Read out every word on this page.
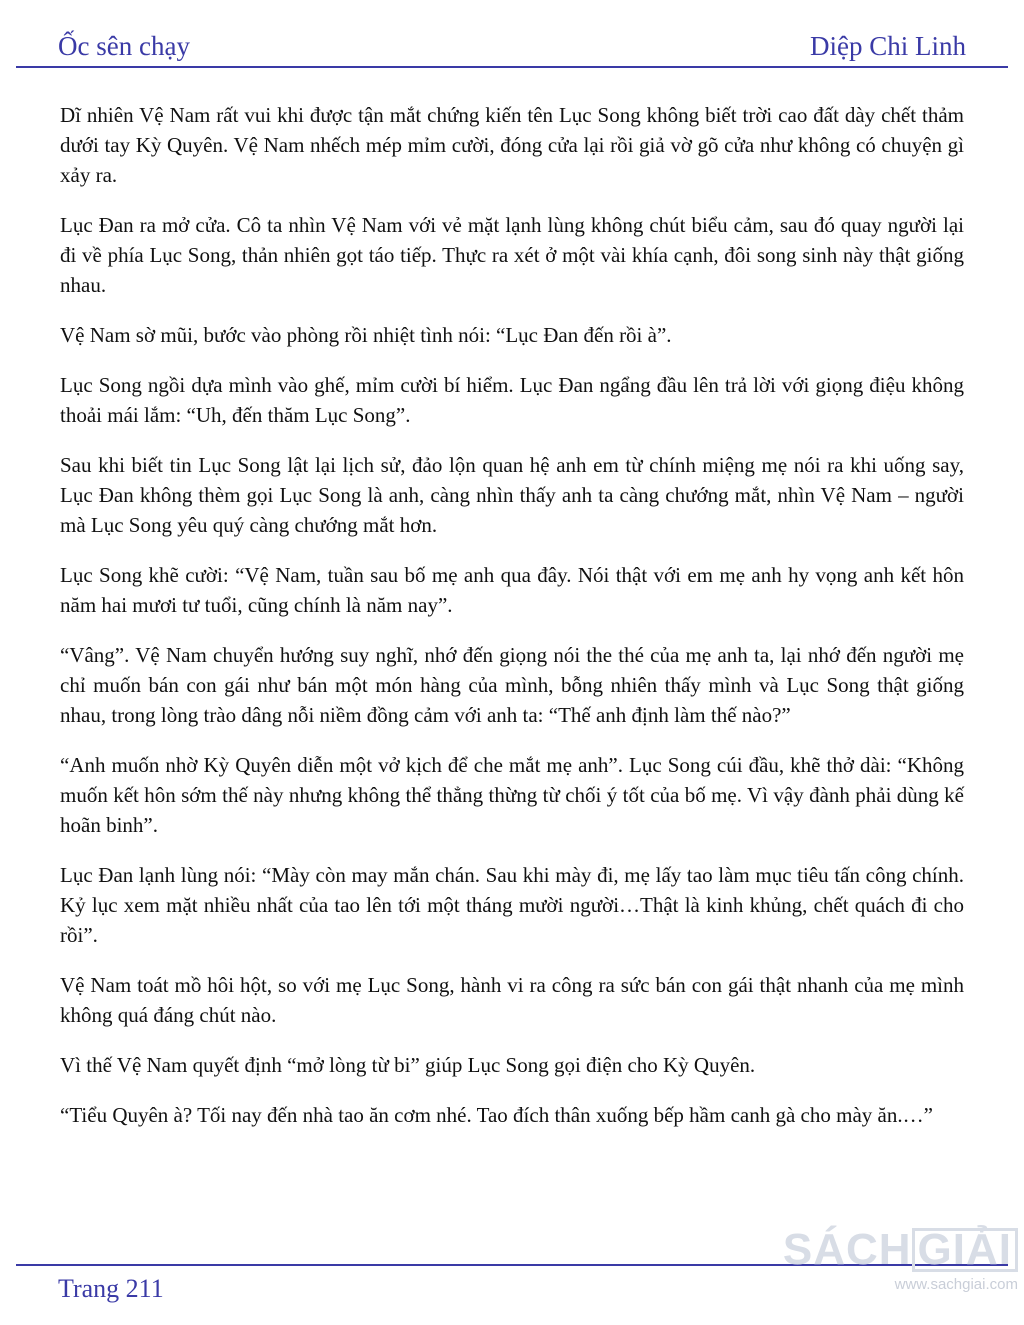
Ốc sên chạy	Diệp Chi Linh

Dĩ nhiên Vệ Nam rất vui khi được tận mắt chứng kiến tên Lục Song không biết trời cao đất dày chết thảm dưới tay Kỳ Quyên. Vệ Nam nhếch mép mỉm cười, đóng cửa lại rồi giả vờ gõ cửa như không có chuyện gì xảy ra.

Lục Đan ra mở cửa. Cô ta nhìn Vệ Nam với vẻ mặt lạnh lùng không chút biểu cảm, sau đó quay người lại đi về phía Lục Song, thản nhiên gọt táo tiếp. Thực ra xét ở một vài khía cạnh, đôi song sinh này thật giống nhau.

Vệ Nam sờ mũi, bước vào phòng rồi nhiệt tình nói: “Lục Đan đến rồi à”.

Lục Song ngồi dựa mình vào ghế, mỉm cười bí hiểm. Lục Đan ngẩng đầu lên trả lời với giọng điệu không thoải mái lắm: “Uh, đến thăm Lục Song”.

Sau khi biết tin Lục Song lật lại lịch sử, đảo lộn quan hệ anh em từ chính miệng mẹ nói ra khi uống say, Lục Đan không thèm gọi Lục Song là anh, càng nhìn thấy anh ta càng chướng mắt, nhìn Vệ Nam – người mà Lục Song yêu quý càng chướng mắt hơn.

Lục Song khẽ cười: “Vệ Nam, tuần sau bố mẹ anh qua đây. Nói thật với em mẹ anh hy vọng anh kết hôn năm hai mươi tư tuổi, cũng chính là năm nay”.

“Vâng”. Vệ Nam chuyển hướng suy nghĩ, nhớ đến giọng nói the thé của mẹ anh ta, lại nhớ đến người mẹ chỉ muốn bán con gái như bán một món hàng của mình, bỗng nhiên thấy mình và Lục Song thật giống nhau, trong lòng trào dâng nỗi niềm đồng cảm với anh ta: “Thế anh định làm thế nào?”

“Anh muốn nhờ Kỳ Quyên diễn một vở kịch để che mắt mẹ anh”. Lục Song cúi đầu, khẽ thở dài: “Không muốn kết hôn sớm thế này nhưng không thể thẳng thừng từ chối ý tốt của bố mẹ. Vì vậy đành phải dùng kế hoãn binh”.

Lục Đan lạnh lùng nói: “Mày còn may mắn chán. Sau khi mày đi, mẹ lấy tao làm mục tiêu tấn công chính. Kỷ lục xem mặt nhiều nhất của tao lên tới một tháng mười người…Thật là kinh khủng, chết quách đi cho rồi”.

Vệ Nam toát mồ hôi hột, so với mẹ Lục Song, hành vi ra công ra sức bán con gái thật nhanh của mẹ mình không quá đáng chút nào.

Vì thế Vệ Nam quyết định “mở lòng từ bi” giúp Lục Song gọi điện cho Kỳ Quyên.

“Tiểu Quyên à? Tối nay đến nhà tao ăn cơm nhé. Tao đích thân xuống bếp hầm canh gà cho mày ăn.…”

Trang 211
SÁCH GIẢI
www.sachgiai.com
